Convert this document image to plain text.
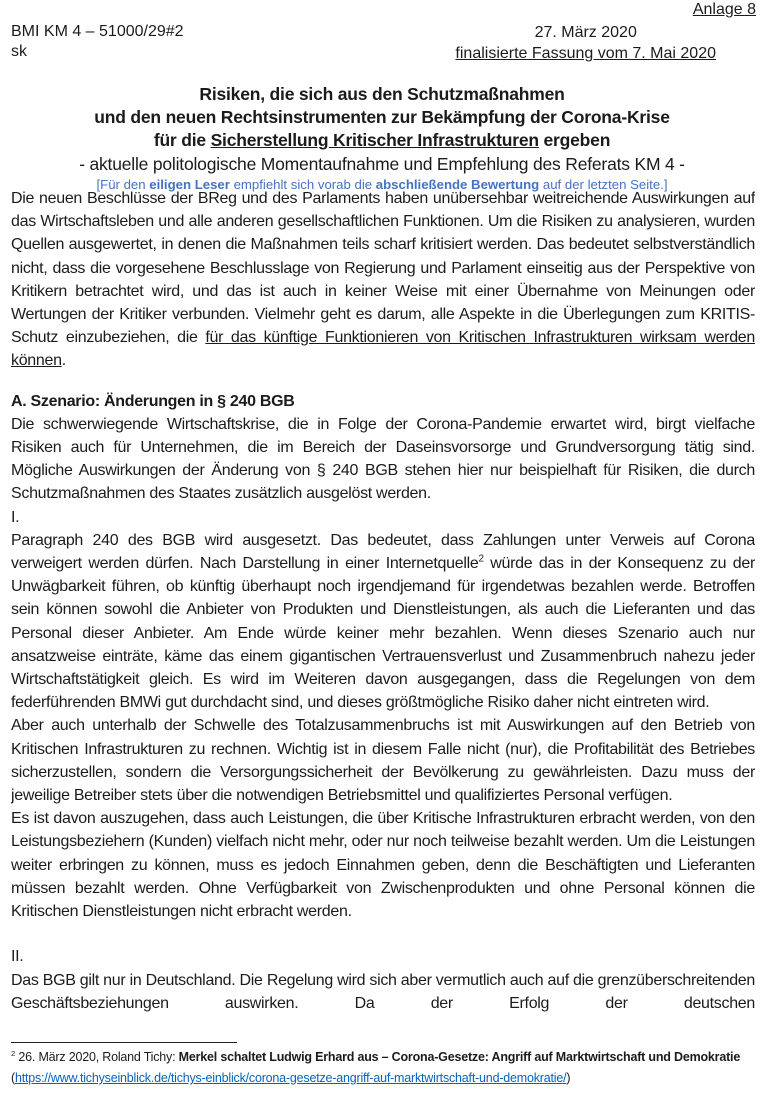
Anlage 8
BMI KM 4 – 51000/29#2
sk
27. März 2020
finalisierte Fassung vom 7. Mai 2020
Risiken, die sich aus den Schutzmaßnahmen
und den neuen Rechtsinstrumenten zur Bekämpfung der Corona-Krise
für die Sicherstellung Kritischer Infrastrukturen ergeben
- aktuelle politologische Momentaufnahme und Empfehlung des Referats KM 4 -
[Für den eiligen Leser empfiehlt sich vorab die abschließende Bewertung auf der letzten Seite.]

Die neuen Beschlüsse der BReg und des Parlaments haben unübersehbar weitreichende Auswirkungen auf das Wirtschaftsleben und alle anderen gesellschaftlichen Funktionen. Um die Risiken zu analysieren, wurden Quellen ausgewertet, in denen die Maßnahmen teils scharf kritisiert werden. Das bedeutet selbstverständlich nicht, dass die vorgesehene Beschlusslage von Regierung und Parlament einseitig aus der Perspektive von Kritikern betrachtet wird, und das ist auch in keiner Weise mit einer Übernahme von Meinungen oder Wertungen der Kritiker verbunden. Vielmehr geht es darum, alle Aspekte in die Überlegungen zum KRITIS-Schutz einzubeziehen, die für das künftige Funktionieren von Kritischen Infrastrukturen wirksam werden können.

A. Szenario: Änderungen in § 240 BGB

Die schwerwiegende Wirtschaftskrise, die in Folge der Corona-Pandemie erwartet wird, birgt vielfache Risiken auch für Unternehmen, die im Bereich der Daseinsvorsorge und Grundversorgung tätig sind. Mögliche Auswirkungen der Änderung von § 240 BGB stehen hier nur beispielhaft für Risiken, die durch Schutzmaßnahmen des Staates zusätzlich ausgelöst werden.

I.

Paragraph 240 des BGB wird ausgesetzt. Das bedeutet, dass Zahlungen unter Verweis auf Corona verweigert werden dürfen. Nach Darstellung in einer Internetquelle$^2$ würde das in der Konsequenz zu der Unwägbarkeit führen, ob künftig überhaupt noch irgendjemand für irgendetwas bezahlen werde. Betroffen sein können sowohl die Anbieter von Produkten und Dienstleistungen, als auch die Lieferanten und das Personal dieser Anbieter. Am Ende würde keiner mehr bezahlen. Wenn dieses Szenario auch nur ansatzweise einträte, käme das einem gigantischen Vertrauensverlust und Zusammenbruch nahezu jeder Wirtschaftstätigkeit gleich. Es wird im Weiteren davon ausgegangen, dass die Regelungen von dem federführenden BMWi gut durchdacht sind, und dieses größtmögliche Risiko daher nicht eintreten wird.

Aber auch unterhalb der Schwelle des Totalzusammenbruchs ist mit Auswirkungen auf den Betrieb von Kritischen Infrastrukturen zu rechnen. Wichtig ist in diesem Falle nicht (nur), die Profitabilität des Betriebes sicherzustellen, sondern die Versorgungssicherheit der Bevölkerung zu gewährleisten. Dazu muss der jeweilige Betreiber stets über die notwendigen Betriebsmittel und qualifiziertes Personal verfügen.

Es ist davon auszugehen, dass auch Leistungen, die über Kritische Infrastrukturen erbracht werden, von den Leistungsbeziehern (Kunden) vielfach nicht mehr, oder nur noch teilweise bezahlt werden. Um die Leistungen weiter erbringen zu können, muss es jedoch Einnahmen geben, denn die Beschäftigten und Lieferanten müssen bezahlt werden. Ohne Verfügbarkeit von Zwischenprodukten und ohne Personal können die Kritischen Dienstleistungen nicht erbracht werden.

II.

Das BGB gilt nur in Deutschland. Die Regelung wird sich aber vermutlich auch auf die grenzüberschreitenden Geschäftsbeziehungen auswirken. Da der Erfolg der deutschen

$^2$ 26. März 2020, Roland Tichy: Merkel schaltet Ludwig Erhard aus – Corona-Gesetze: Angriff auf Marktwirtschaft und Demokratie
(https://www.tichyseinblick.de/tichys-einblick/corona-gesetze-angriff-auf-marktwirtschaft-und-demokratie/)
